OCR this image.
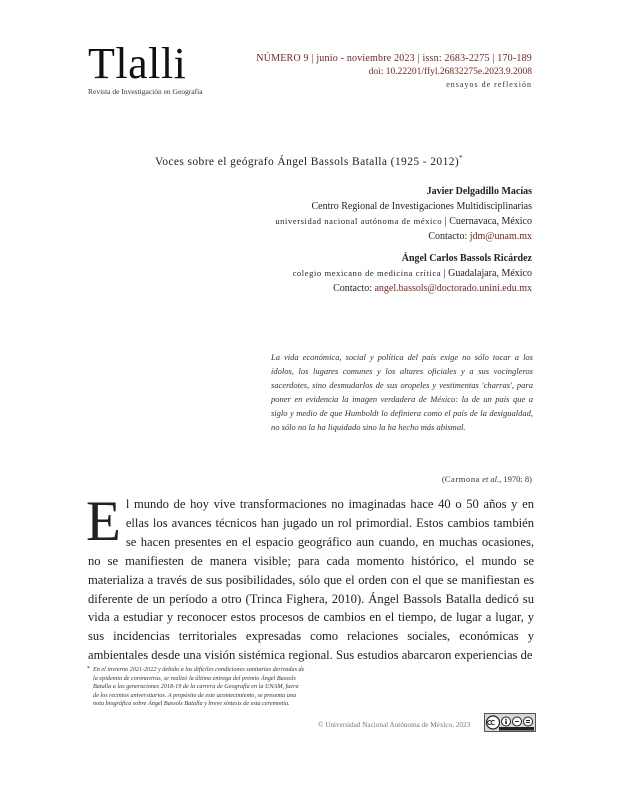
Tlalli
Revista de Investigación en Geografía
NÚMERO 9 | junio - noviembre 2023 | issn: 2683-2275 | 170-189
doi: 10.22201/ffyl.26832275e.2023.9.2008
ensayos de reflexión
Voces sobre el geógrafo Ángel Bassols Batalla (1925 - 2012)*
Javier Delgadillo Macías
Centro Regional de Investigaciones Multidisciplinarias
universidad nacional autónoma de méxico | Cuernavaca, México
Contacto: jdm@unam.mx
Ángel Carlos Bassols Ricárdez
colegio mexicano de medicina crítica | Guadalajara, México
Contacto: angel.bassols@doctorado.unini.edu.mx
La vida económica, social y política del país exige no sólo tocar a los ídolos, los lugares comunes y los altares oficiales y a sus vocingleros sacerdotes, sino desmudarlos de sus oropeles y vestimentas 'charras', para poner en evidencia la imagen verdadera de México: la de un país que a siglo y medio de que Humboldt lo definiera como el país de la desigualdad, no sólo no la ha liquidado sino la ha hecho más abismal.
(Carmona et al., 1970: 8)
El mundo de hoy vive transformaciones no imaginadas hace 40 o 50 años y en ellas los avances técnicos han jugado un rol primordial. Estos cambios también se hacen presentes en el espacio geográfico aun cuando, en muchas ocasiones, no se manifiesten de manera visible; para cada momento histórico, el mundo se materializa a través de sus posibilidades, sólo que el orden con el que se manifiestan es diferente de un período a otro (Trinca Fighera, 2010). Ángel Bassols Batalla dedicó su vida a estudiar y reconocer estos procesos de cambios en el tiempo, de lugar a lugar, y sus incidencias territoriales expresadas como relaciones sociales, económicas y ambientales desde una visión sistémica regional. Sus estudios abarcaron experiencias de
* En el invierno 2021-2022 y debido a las difíciles condiciones sanitarias derivadas de la epidemia de coronavirus, se realizó la última entrega del premio Ángel Bassols Batalla a las generaciones 2018-19 de la carrera de Geografía en la UNAM, fuera de los recintos universitarios. A propósito de este acontecimiento, se presenta una nota biográfica sobre Ángel Bassols Batalla y breve síntesis de esta ceremonia.
© Universidad Nacional Autónoma de México, 2023
